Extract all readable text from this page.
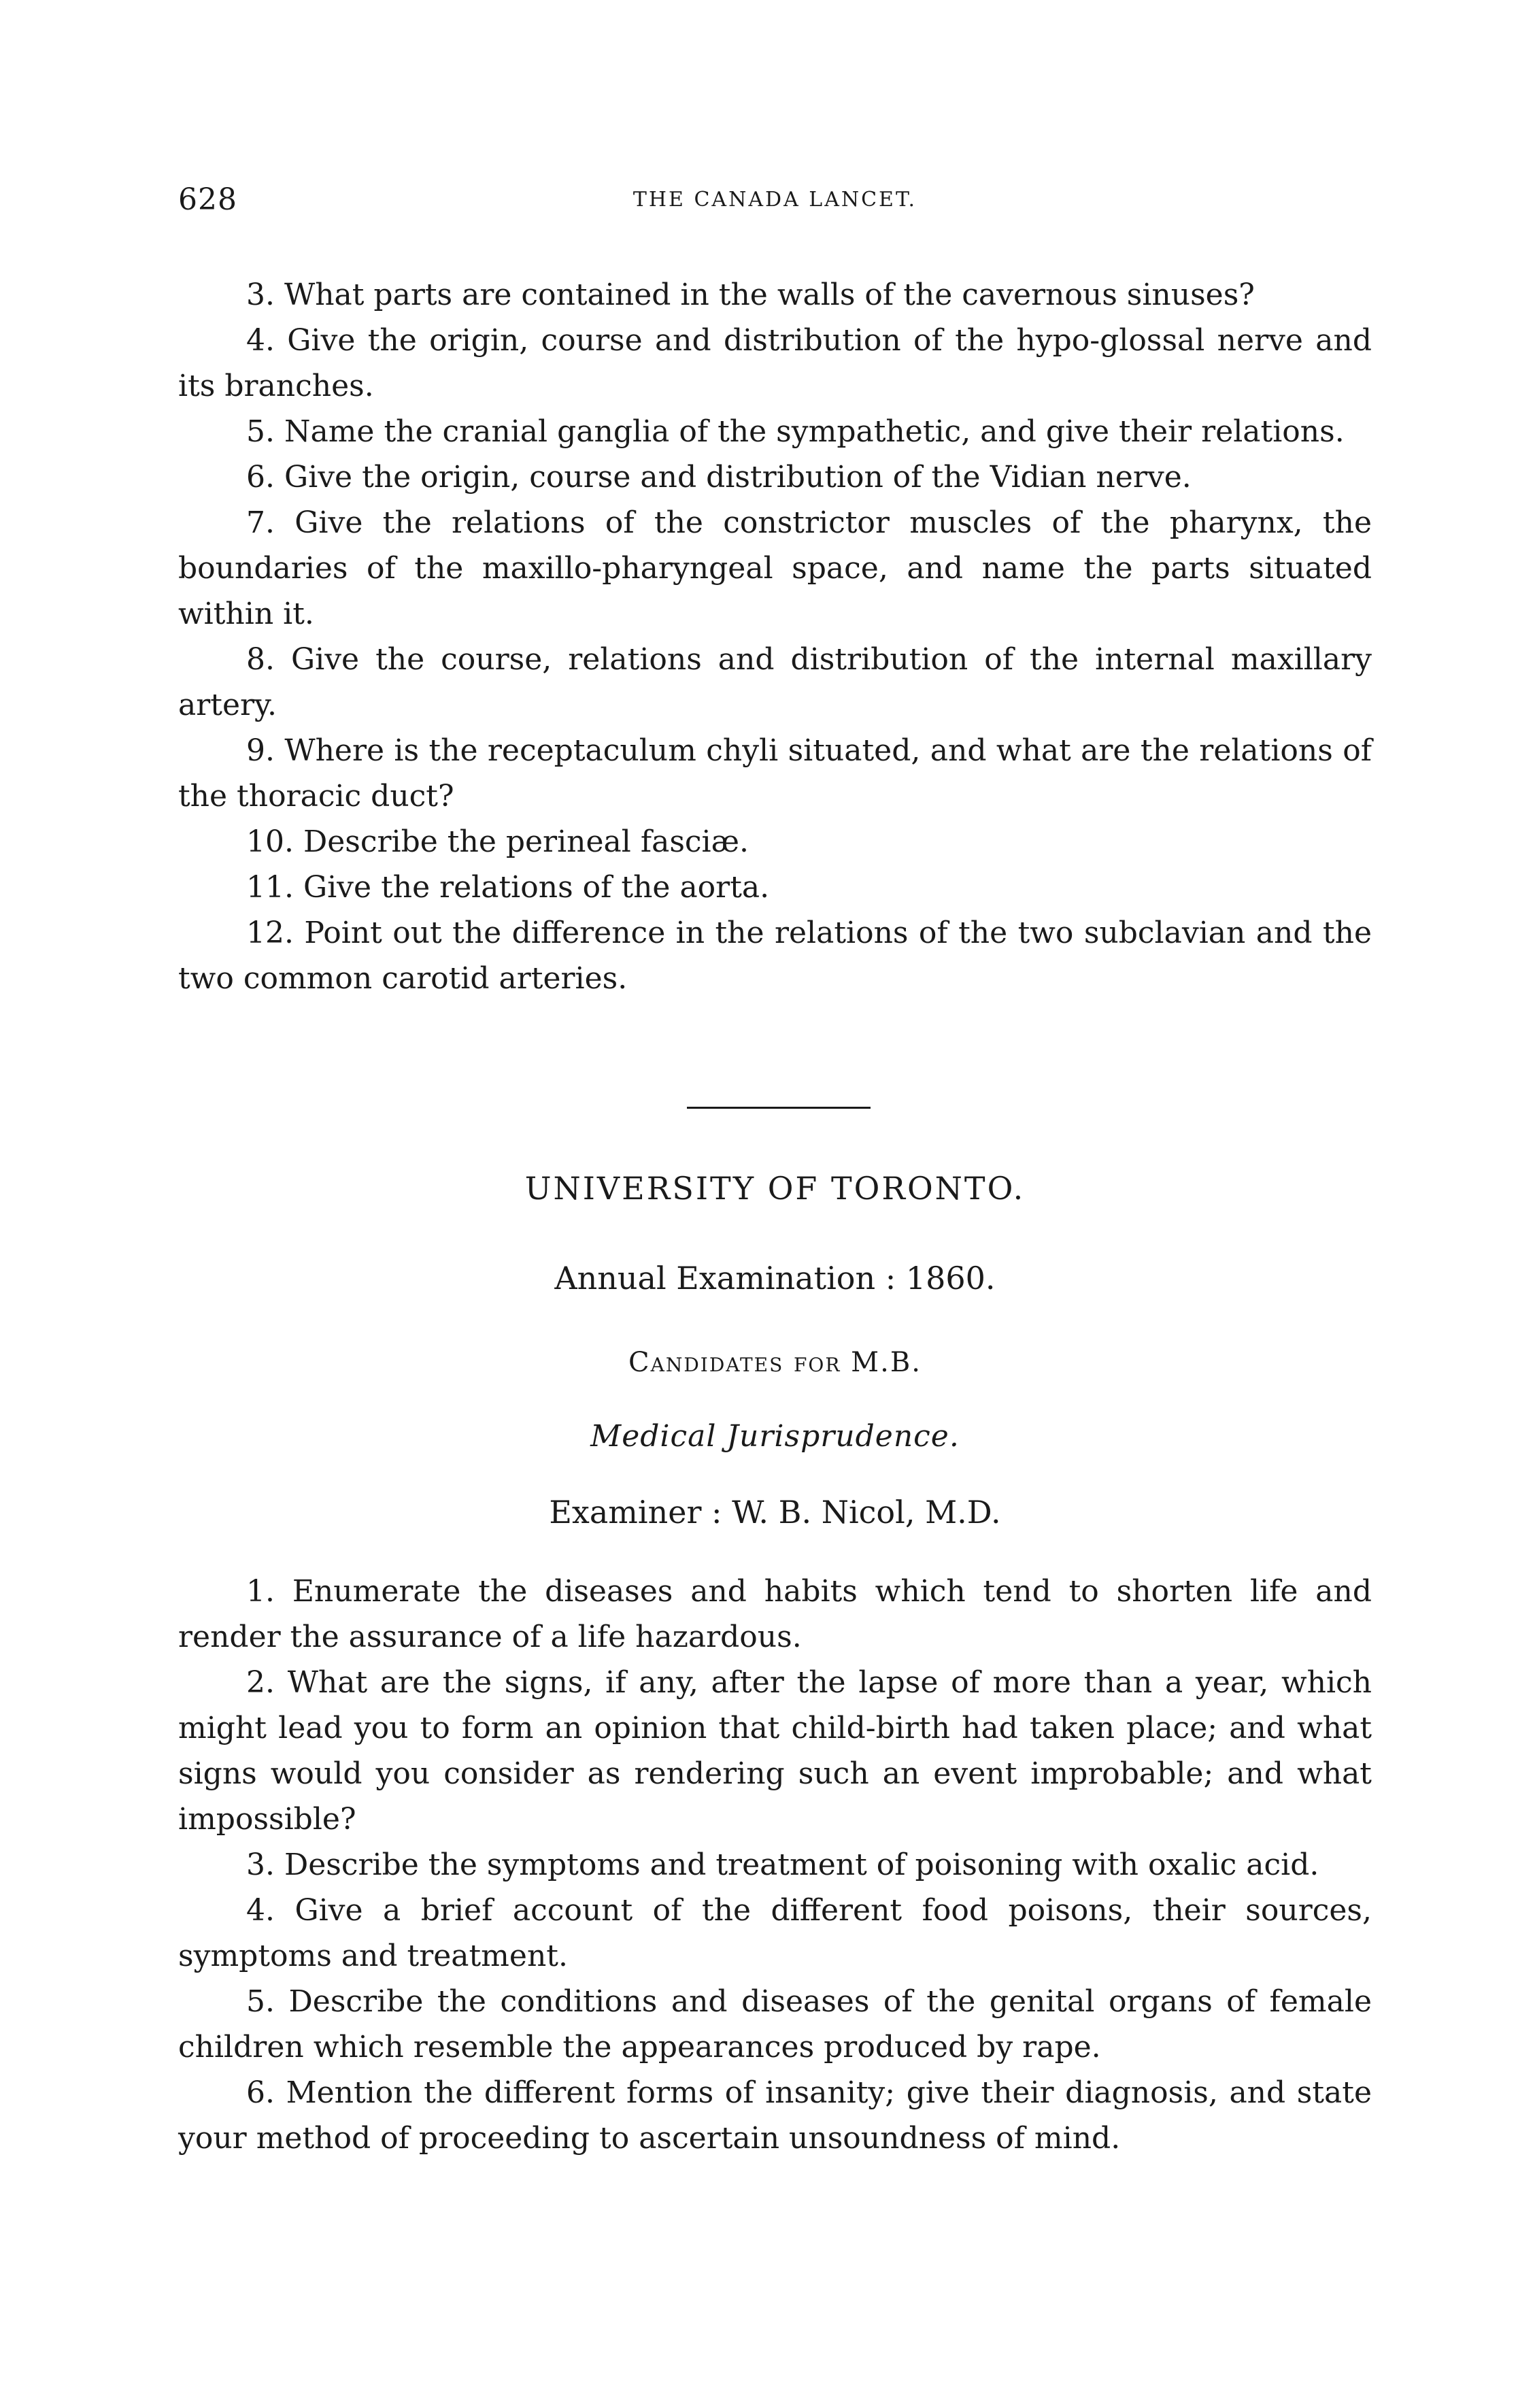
628	THE CANADA LANCET.

3. What parts are contained in the walls of the cavernous sinuses?

4. Give the origin, course and distribution of the hypo-glossal nerve and its branches.

5. Name the cranial ganglia of the sympathetic, and give their relations.

6. Give the origin, course and distribution of the Vidian nerve.

7. Give the relations of the constrictor muscles of the pharynx, the boundaries of the maxillo-pharyngeal space, and name the parts situated within it.

8. Give the course, relations and distribution of the internal maxillary artery.

9. Where is the receptaculum chyli situated, and what are the relations of the thoracic duct?

10. Describe the perineal fasciæ.

11. Give the relations of the aorta.

12. Point out the difference in the relations of the two subclavian and the two common carotid arteries.

UNIVERSITY OF TORONTO.
Annual Examination : 1860.
Candidates for M.B.
Medical Jurisprudence.
Examiner : W. B. Nicol, M.D.

1. Enumerate the diseases and habits which tend to shorten life and render the assurance of a life hazardous.

2. What are the signs, if any, after the lapse of more than a year, which might lead you to form an opinion that child-birth had taken place; and what signs would you consider as rendering such an event improbable; and what impossible?

3. Describe the symptoms and treatment of poisoning with oxalic acid.

4. Give a brief account of the different food poisons, their sources, symptoms and treatment.

5. Describe the conditions and diseases of the genital organs of female children which resemble the appearances produced by rape.

6. Mention the different forms of insanity; give their diagnosis, and state your method of proceeding to ascertain unsoundness of mind.
